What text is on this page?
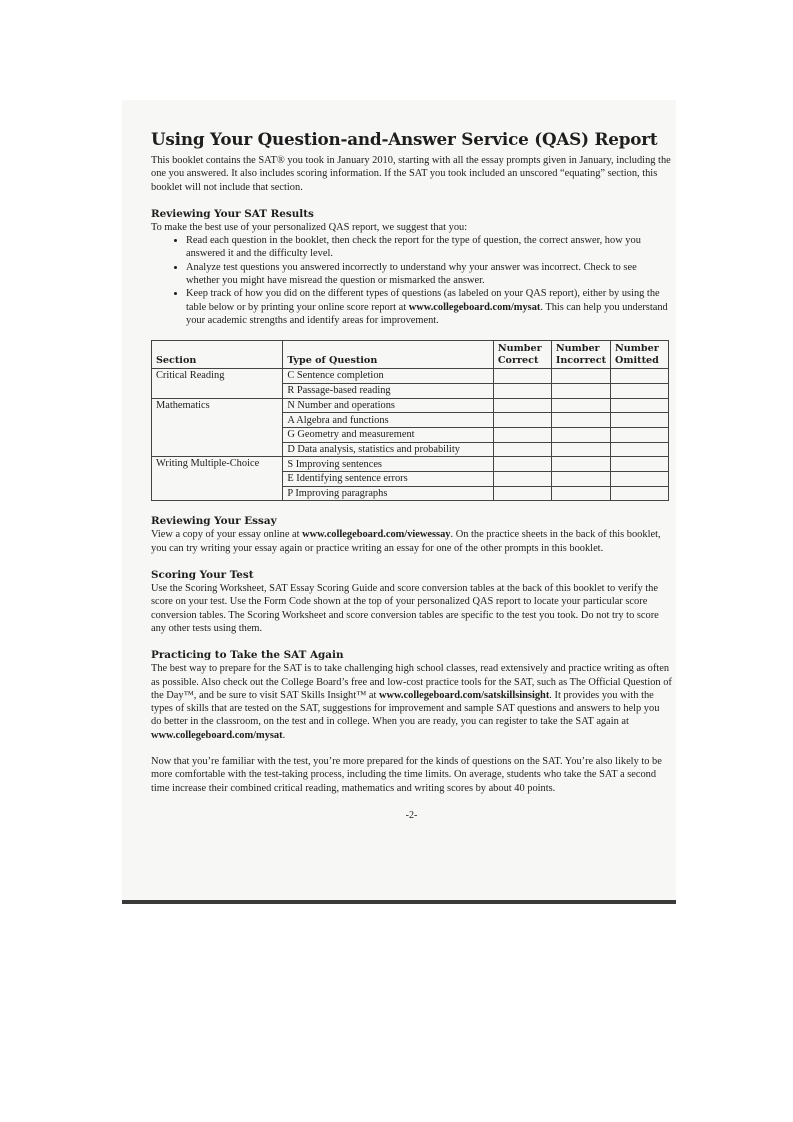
Using Your Question-and-Answer Service (QAS) Report

This booklet contains the SAT® you took in January 2010, starting with all the essay prompts given in January, including the one you answered. It also includes scoring information. If the SAT you took included an unscored “equating” section, this booklet will not include that section.

Reviewing Your SAT Results

To make the best use of your personalized QAS report, we suggest that you:

• Read each question in the booklet, then check the report for the type of question, the correct answer, how you answered it and the difficulty level.
• Analyze test questions you answered incorrectly to understand why your answer was incorrect. Check to see whether you might have misread the question or mismarked the answer.
• Keep track of how you did on the different types of questions (as labeled on your QAS report), either by using the table below or by printing your online score report at www.collegeboard.com/mysat. This can help you understand your academic strengths and identify areas for improvement.
Section	Type of Question	Number Correct	Number Incorrect	Number Omitted
Critical Reading	C Sentence completion			
	R Passage-based reading			
Mathematics	N Number and operations			
	A Algebra and functions			
	G Geometry and measurement			
	D Data analysis, statistics and probability			
Writing Multiple-Choice	S Improving sentences			
	E Identifying sentence errors			
	P Improving paragraphs			
Reviewing Your Essay

View a copy of your essay online at www.collegeboard.com/viewessay. On the practice sheets in the back of this booklet, you can try writing your essay again or practice writing an essay for one of the other prompts in this booklet.

Scoring Your Test

Use the Scoring Worksheet, SAT Essay Scoring Guide and score conversion tables at the back of this booklet to verify the score on your test. Use the Form Code shown at the top of your personalized QAS report to locate your particular score conversion tables. The Scoring Worksheet and score conversion tables are specific to the test you took. Do not try to score any other tests using them.

Practicing to Take the SAT Again

The best way to prepare for the SAT is to take challenging high school classes, read extensively and practice writing as often as possible. Also check out the College Board’s free and low-cost practice tools for the SAT, such as The Official Question of the Day™, and be sure to visit SAT Skills Insight™ at www.collegeboard.com/satskillsinsight. It provides you with the types of skills that are tested on the SAT, suggestions for improvement and sample SAT questions and answers to help you do better in the classroom, on the test and in college. When you are ready, you can register to take the SAT again at www.collegeboard.com/mysat.

Now that you’re familiar with the test, you’re more prepared for the kinds of questions on the SAT. You’re also likely to be more comfortable with the test-taking process, including the time limits. On average, students who take the SAT a second time increase their combined critical reading, mathematics and writing scores by about 40 points.

-2-
